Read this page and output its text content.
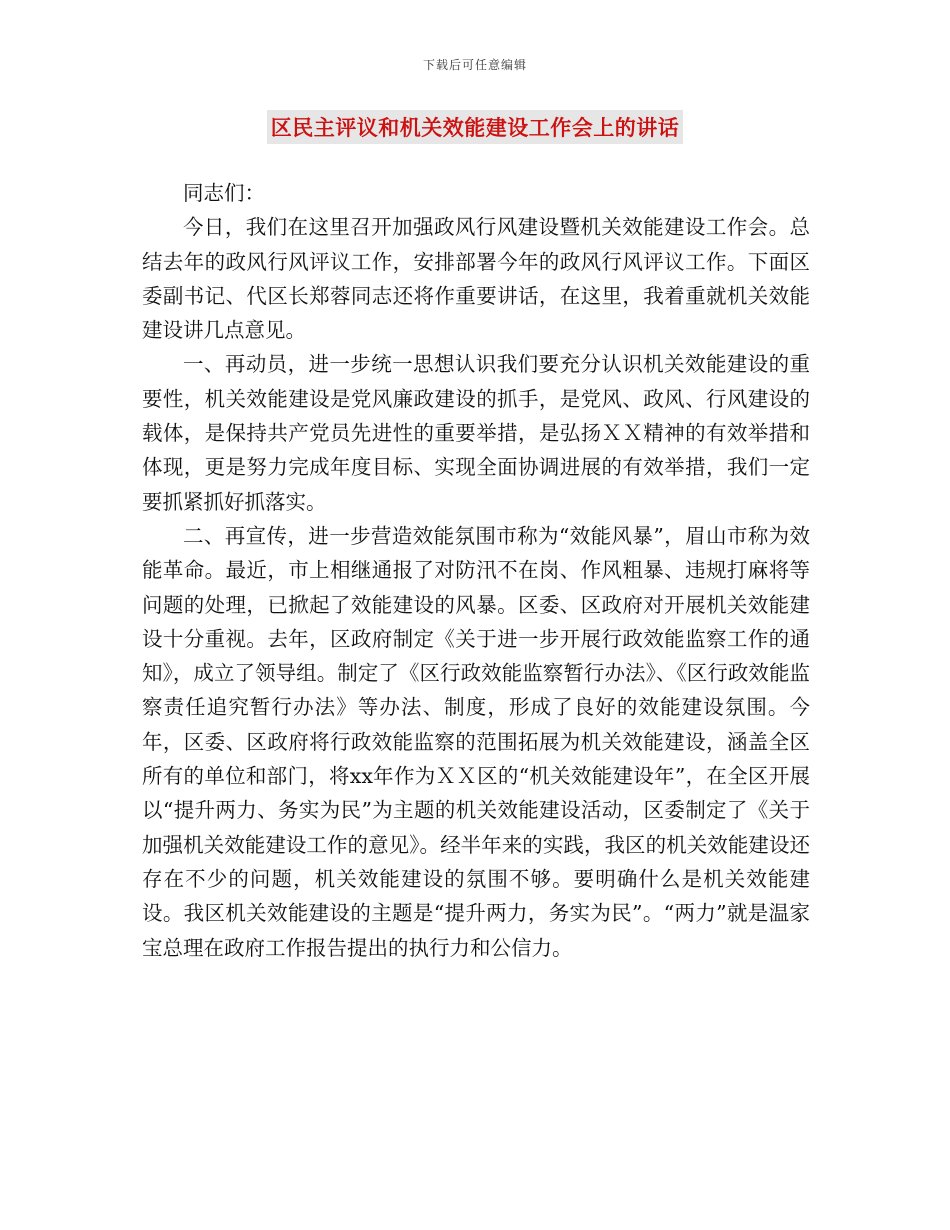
下载后可任意编辑
区民主评议和机关效能建设工作会上的讲话

同志们：

今日，我们在这里召开加强政风行风建设暨机关效能建设工作会。总结去年的政风行风评议工作，安排部署今年的政风行风评议工作。下面区委副书记、代区长郑蓉同志还将作重要讲话，在这里，我着重就机关效能建设讲几点意见。

一、再动员，进一步统一思想认识我们要充分认识机关效能建设的重要性，机关效能建设是党风廉政建设的抓手，是党风、政风、行风建设的载体，是保持共产党员先进性的重要举措，是弘扬ＸＸ精神的有效举措和体现，更是努力完成年度目标、实现全面协调进展的有效举措，我们一定要抓紧抓好抓落实。

二、再宣传，进一步营造效能氛围市称为“效能风暴”，眉山市称为效能革命。最近，市上相继通报了对防汛不在岗、作风粗暴、违规打麻将等问题的处理，已掀起了效能建设的风暴。区委、区政府对开展机关效能建设十分重视。去年，区政府制定《关于进一步开展行政效能监察工作的通知》，成立了领导组。制定了《区行政效能监察暂行办法》、《区行政效能监察责任追究暂行办法》等办法、制度，形成了良好的效能建设氛围。今年，区委、区政府将行政效能监察的范围拓展为机关效能建设，涵盖全区所有的单位和部门，将xx年作为ＸＸ区的“机关效能建设年”，在全区开展以“提升两力、务实为民”为主题的机关效能建设活动，区委制定了《关于加强机关效能建设工作的意见》。经半年来的实践，我区的机关效能建设还存在不少的问题，机关效能建设的氛围不够。要明确什么是机关效能建设。我区机关效能建设的主题是“提升两力，务实为民”。“两力”就是温家宝总理在政府工作报告提出的执行力和公信力。
